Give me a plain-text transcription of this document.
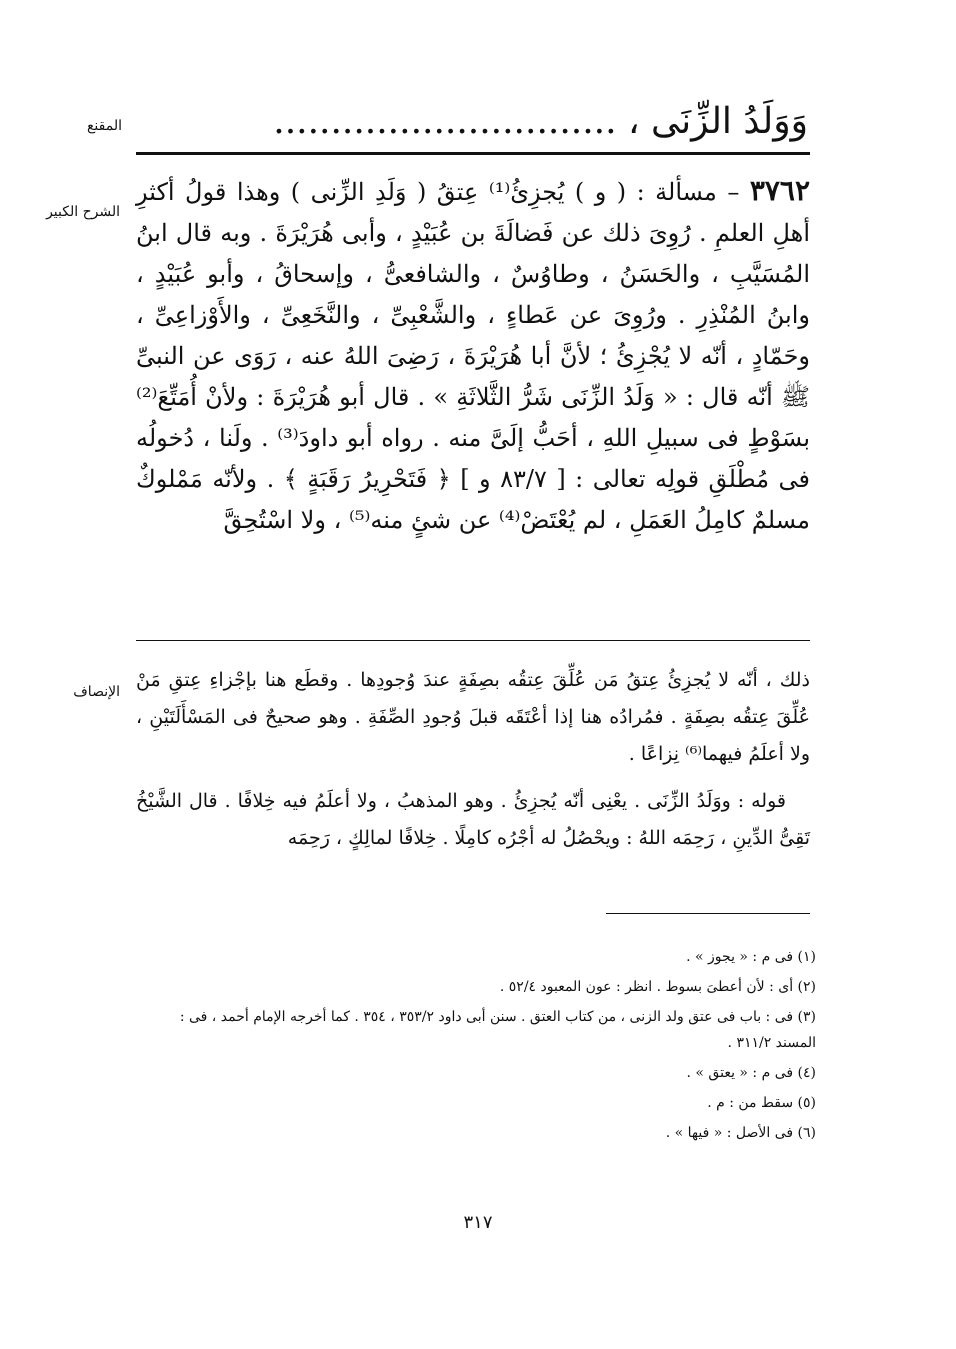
وَوَلَدُ الزِّنَى ، ..............................
المقنع
الشرح الكبير

٣٧٦٢ – مسألة : ( و ) يُجزِئُ⁽¹⁾ عِتقُ ( وَلَدِ الزِّنى ) وهذا قولُ أكثرِ أهلِ العلمِ . رُوِىَ ذلك عن فَضالَةَ بن عُبَيْدٍ ، وأبى هُرَيْرَةَ . وبه قال ابنُ المُسَيَّبِ ، والحَسَنُ ، وطاوُسٌ ، والشافعىُّ ، وإسحاقُ ، وأبو عُبَيْدٍ ، وابنُ المُنْذِرِ . ورُوِىَ عن عَطاءٍ ، والشَّعْبِىِّ ، والنَّخَعِىِّ ، والأَوْزاعِىِّ ، وحَمّادٍ ، أنّه لا يُجْزِئُ ؛ لأنَّ أبا هُرَيْرَةَ ، رَضِىَ اللهُ عنه ، رَوَى عن النبىِّ ﷺ أنّه قال : « وَلَدُ الزِّنَى شَرُّ الثَّلاثَةِ » . قال أبو هُرَيْرَةَ : ولأنْ أُمَتِّعَ⁽²⁾ بسَوْطٍ فى سبيلِ اللهِ ، أحَبُّ إلَىَّ منه . رواه أبو داودَ⁽³⁾ . ولَنا ، دُخولُه فى مُطْلَقِ قولِه تعالى : [ ٨٣/٧ و ] ﴿ فَتَحْرِيرُ رَقَبَةٍ ﴾ . ولأنّه مَمْلوكٌ مسلمٌ كامِلُ العَمَلِ ، لم يُعْتَضْ⁽⁴⁾ عن شئٍ منه⁽⁵⁾ ، ولا اسْتُحِقَّ

الإنصاف

ذلك ، أنّه لا يُجزِئُ عِتقُ مَن عُلِّقَ عِتقُه بصِفَةٍ عندَ وُجودِها . وقطَع هنا بإجْزاءِ عِتقِ مَنْ عُلِّقَ عِتقُه بصِفَةٍ . فمُرادُه هنا إذا أعْتَقَه قبلَ وُجودِ الصِّفَةِ . وهو صحيحٌ فى المَسْأَلَتَيْنِ ، ولا أعلَمُ فيهما⁽⁶⁾ نِزاعًا .

قوله : ووَلَدُ الزِّنَى . يعْنِى أنّه يُجزِئُ . وهو المذهبُ ، ولا أعلَمُ فيه خِلافًا . قال الشَّيْخُ تَقِىُّ الدِّينِ ، رَحِمَه اللهُ : ويحْصُلُ له أجْرُه كامِلًا . خِلافًا لمالِكٍ ، رَحِمَه

(١) فى م : « يجوز » .

(٢) أى : لأن أعطىَ بسوط . انظر : عون المعبود ٥٢/٤ .

(٣) فى : باب فى عتق ولد الزنى ، من كتاب العتق . سنن أبى داود ٣٥٣/٢ ، ٣٥٤ . كما أخرجه الإمام أحمد ، فى : المسند ٣١١/٢ .

(٤) فى م : « يعتق » .

(٥) سقط من : م .

(٦) فى الأصل : « فيها » .

٣١٧
